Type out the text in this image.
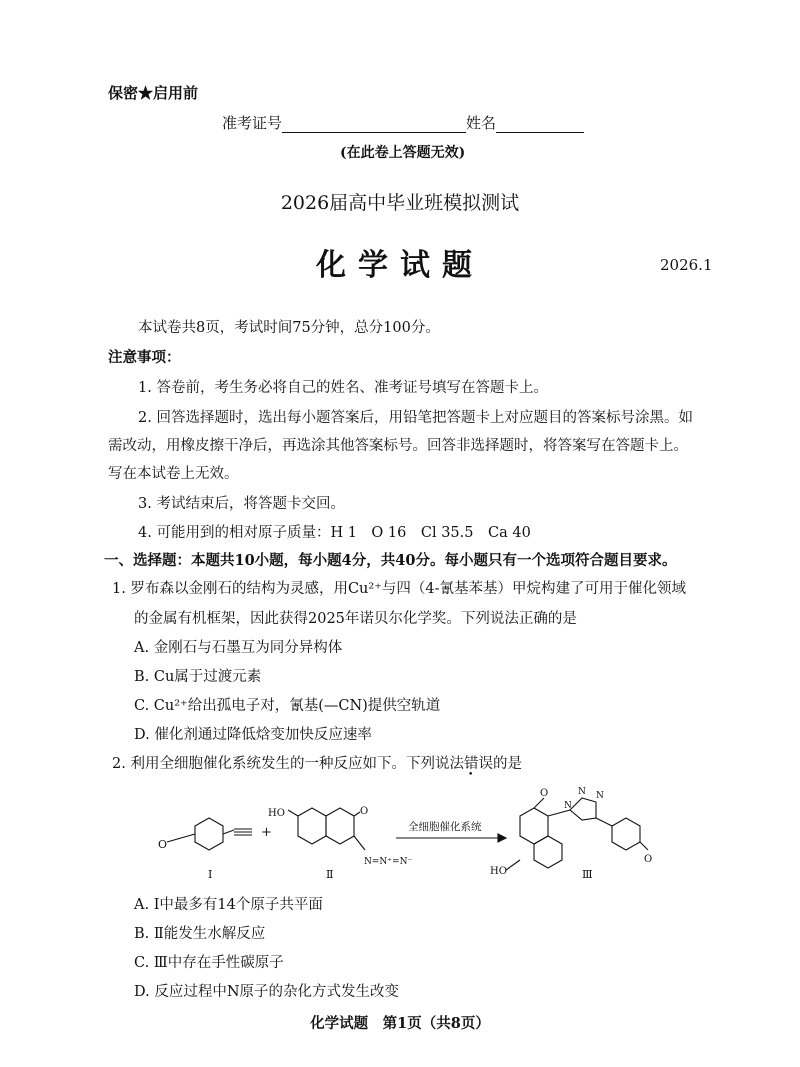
保密★启用前
准考证号	姓名
(在此卷上答题无效)
2026届高中毕业班模拟测试
化学试题	2026.1
本试卷共8页，考试时间75分钟，总分100分。
注意事项：
1. 答卷前，考生务必将自己的姓名、准考证号填写在答题卡上。
2. 回答选择题时，选出每小题答案后，用铅笔把答题卡上对应题目的答案标号涂黑。如
需改动，用橡皮擦干净后，再选涂其他答案标号。回答非选择题时，将答案写在答题卡上。
写在本试卷上无效。
3. 考试结束后，将答题卡交回。
4. 可能用到的相对原子质量：H 1　O 16　Cl 35.5　Ca 40
一、选择题：本题共10小题，每小题4分，共40分。每小题只有一个选项符合题目要求。
1. 罗布森以金刚石的结构为灵感，用Cu²⁺与四（4-氰基苯基）甲烷构建了可用于催化领域
的金属有机框架，因此获得2025年诺贝尔化学奖。下列说法正确的是
A. 金刚石与石墨互为同分异构体
B. Cu属于过渡元素
C. Cu²⁺给出孤电子对，氰基(—CN)提供空轨道
D. 催化剂通过降低焓变加快反应速率
2. 利用全细胞催化系统发生的一种反应如下。下列说法错误的是
O
Ⅰ
+
HO	O
N=N⁺=N⁻
Ⅱ
全细胞催化系统
O	N N
N
O
HO	Ⅲ
A. Ⅰ中最多有14个原子共平面
B. Ⅱ能发生水解反应
C. Ⅲ中存在手性碳原子
D. 反应过程中N原子的杂化方式发生改变
化学试题　第1页（共8页）
